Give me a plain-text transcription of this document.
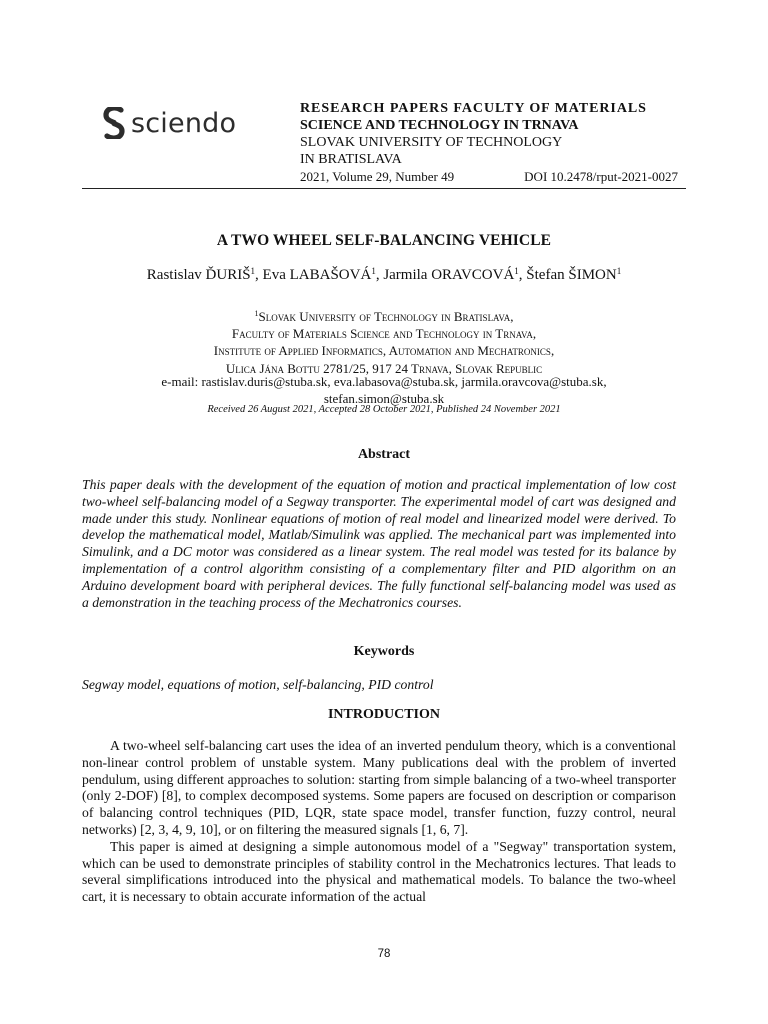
sciendo	RESEARCH PAPERS FACULTY OF MATERIALS
SCIENCE AND TECHNOLOGY IN TRNAVA
SLOVAK UNIVERSITY OF TECHNOLOGY
IN BRATISLAVA
2021, Volume 29, Number 49	DOI 10.2478/rput-2021-0027
A TWO WHEEL SELF-BALANCING VEHICLE
Rastislav ĎURIŠ$^1$, Eva LABAŠOVÁ$^1$, Jarmila ORAVCOVÁ$^1$, Štefan ŠIMON$^1$
$^1$Slovak University of Technology in Bratislava,
Faculty of Materials Science and Technology in Trnava,
Institute of Applied Informatics, Automation and Mechatronics,
Ulica Jána Bottu 2781/25, 917 24 Trnava, Slovak Republic
e-mail: rastislav.duris@stuba.sk, eva.labasova@stuba.sk, jarmila.oravcova@stuba.sk,
stefan.simon@stuba.sk
Received 26 August 2021, Accepted 28 October 2021, Published 24 November 2021
Abstract
This paper deals with the development of the equation of motion and practical implementation of low cost two-wheel self-balancing model of a Segway transporter. The experimental model of cart was designed and made under this study. Nonlinear equations of motion of real model and linearized model were derived. To develop the mathematical model, Matlab/Simulink was applied. The mechanical part was implemented into Simulink, and a DC motor was considered as a linear system. The real model was tested for its balance by implementation of a control algorithm consisting of a complementary filter and PID algorithm on an Arduino development board with peripheral devices. The fully functional self-balancing model was used as a demonstration in the teaching process of the Mechatronics courses.
Keywords
Segway model, equations of motion, self-balancing, PID control
INTRODUCTION

A two-wheel self-balancing cart uses the idea of an inverted pendulum theory, which is a conventional non-linear control problem of unstable system. Many publications deal with the problem of inverted pendulum, using different approaches to solution: starting from simple balancing of a two-wheel transporter (only 2-DOF) [8], to complex decomposed systems. Some papers are focused on description or comparison of balancing control techniques (PID, LQR, state space model, transfer function, fuzzy control, neural networks) [2, 3, 4, 9, 10], or on filtering the measured signals [1, 6, 7].

This paper is aimed at designing a simple autonomous model of a "Segway" transportation system, which can be used to demonstrate principles of stability control in the Mechatronics lectures. That leads to several simplifications introduced into the physical and mathematical models. To balance the two-wheel cart, it is necessary to obtain accurate information of the actual

78
